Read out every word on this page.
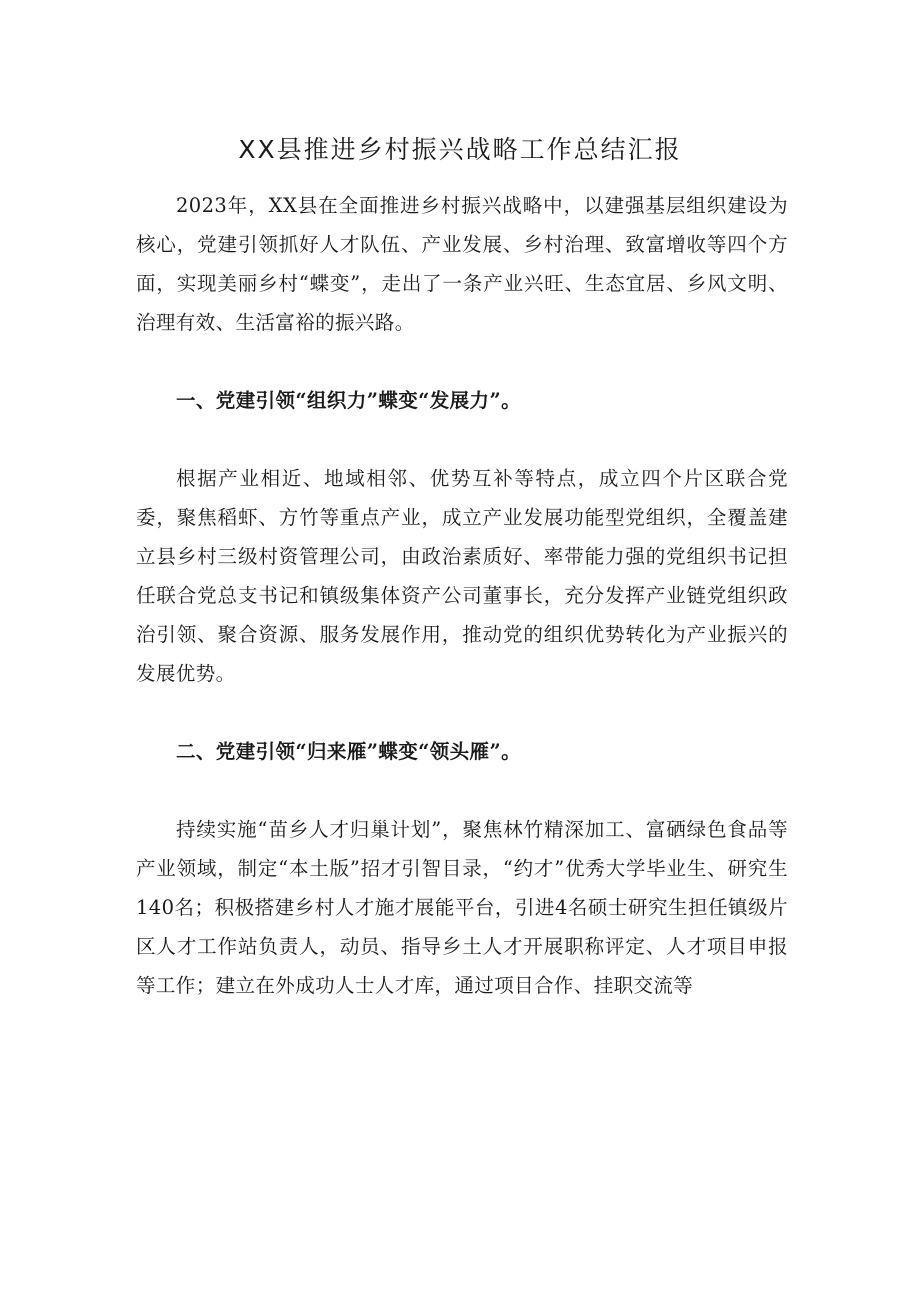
XX县推进乡村振兴战略工作总结汇报

2023年，XX县在全面推进乡村振兴战略中，以建强基层组织建设为核心，党建引领抓好人才队伍、产业发展、乡村治理、致富增收等四个方面，实现美丽乡村“蝶变”，走出了一条产业兴旺、生态宜居、乡风文明、治理有效、生活富裕的振兴路。

一、党建引领“组织力”蝶变“发展力”。

根据产业相近、地域相邻、优势互补等特点，成立四个片区联合党委，聚焦稻虾、方竹等重点产业，成立产业发展功能型党组织，全覆盖建立县乡村三级村资管理公司，由政治素质好、率带能力强的党组织书记担任联合党总支书记和镇级集体资产公司董事长，充分发挥产业链党组织政治引领、聚合资源、服务发展作用，推动党的组织优势转化为产业振兴的发展优势。

二、党建引领“归来雁”蝶变“领头雁”。

持续实施“苗乡人才归巢计划”，聚焦林竹精深加工、富硒绿色食品等产业领域，制定“本土版”招才引智目录，“约才”优秀大学毕业生、研究生140名；积极搭建乡村人才施才展能平台，引进4名硕士研究生担任镇级片区人才工作站负责人，动员、指导乡土人才开展职称评定、人才项目申报等工作；建立在外成功人士人才库，通过项目合作、挂职交流等
